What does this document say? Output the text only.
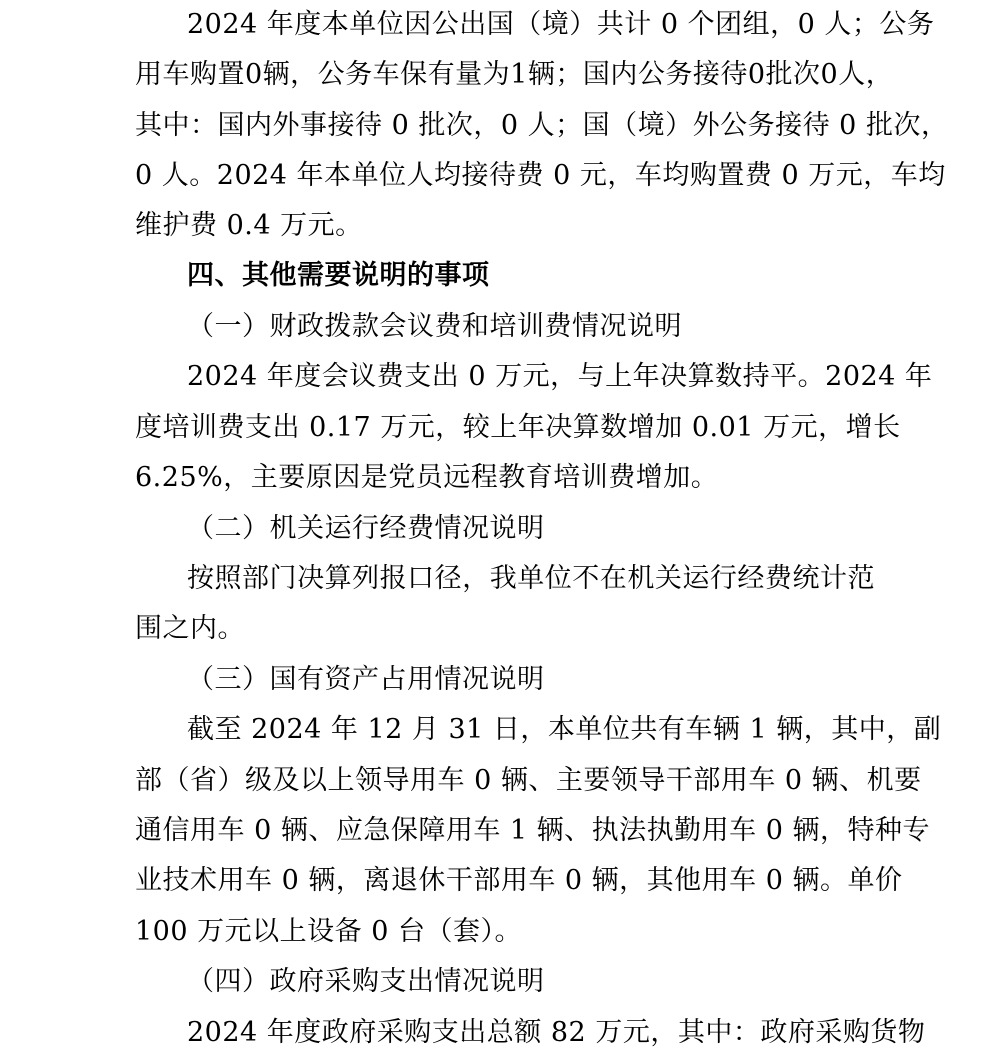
2024 年度本单位因公出国（境）共计 0 个团组，0 人；公务
用车购置0辆，公务车保有量为1辆；国内公务接待0批次0人，
其中：国内外事接待 0 批次，0 人；国（境）外公务接待 0 批次，
0 人。2024 年本单位人均接待费 0 元，车均购置费 0 万元，车均
维护费 0.4 万元。
四、其他需要说明的事项
（一）财政拨款会议费和培训费情况说明
2024 年度会议费支出 0 万元，与上年决算数持平。2024 年
度培训费支出 0.17 万元，较上年决算数增加 0.01 万元，增长
6.25%，主要原因是党员远程教育培训费增加。
（二）机关运行经费情况说明
按照部门决算列报口径，我单位不在机关运行经费统计范
围之内。
（三）国有资产占用情况说明
截至 2024 年 12 月 31 日，本单位共有车辆 1 辆，其中，副
部（省）级及以上领导用车 0 辆、主要领导干部用车 0 辆、机要
通信用车 0 辆、应急保障用车 1 辆、执法执勤用车 0 辆，特种专
业技术用车 0 辆，离退休干部用车 0 辆，其他用车 0 辆。单价
100 万元以上设备 0 台（套）。
（四）政府采购支出情况说明
2024 年度政府采购支出总额 82 万元，其中：政府采购货物
